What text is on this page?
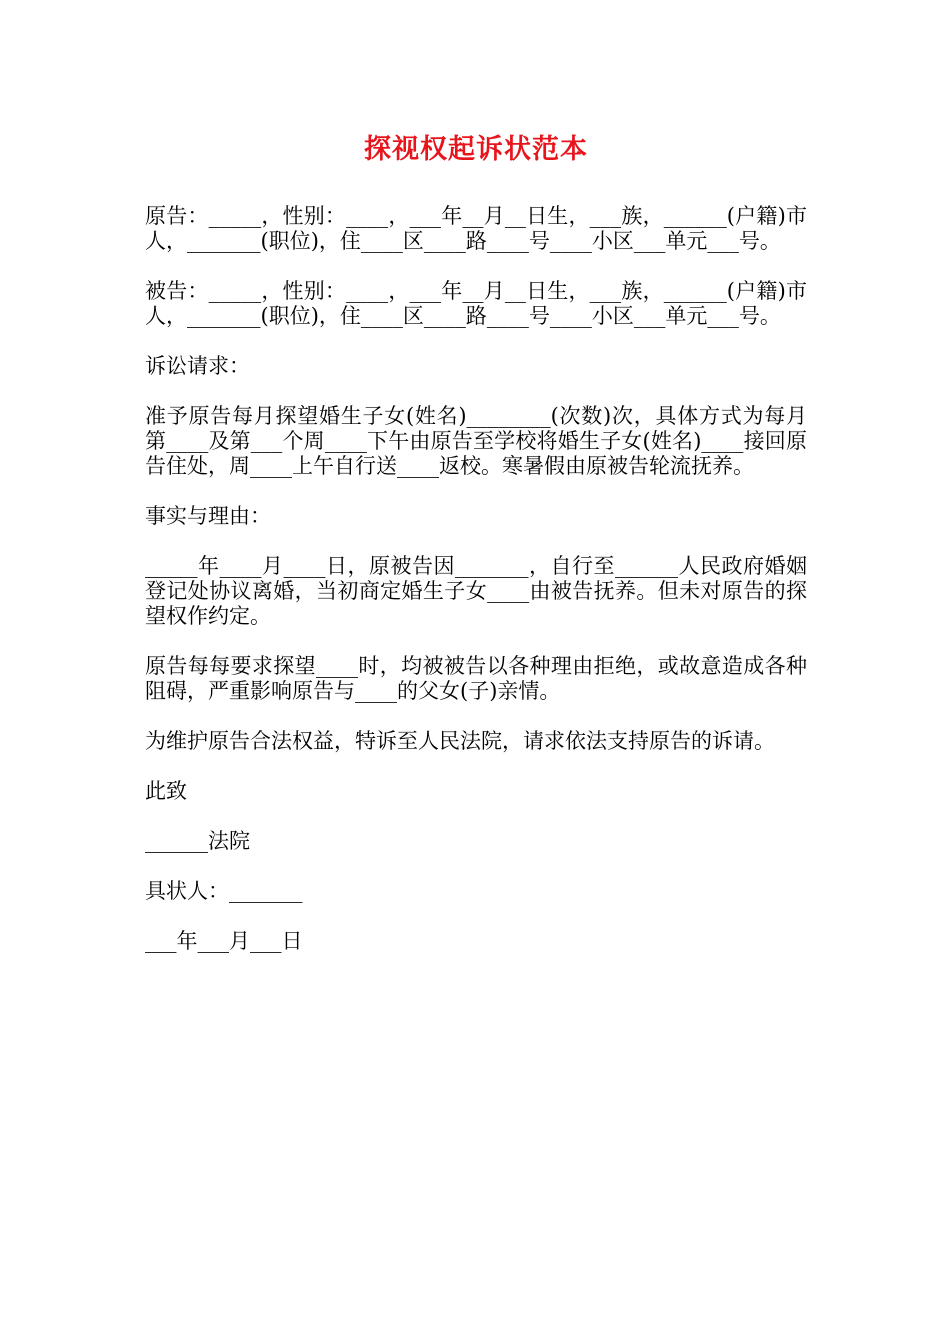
探视权起诉状范本

原告：_____，性别：____，___年__月__日生，___族，______(户籍)市人，_______(职位)，住____区____路____号____小区___单元___号。

被告：_____，性别：____，___年__月__日生，___族，______(户籍)市人，_______(职位)，住____区____路____号____小区___单元___号。

诉讼请求：

准予原告每月探望婚生子女(姓名)________(次数)次，具体方式为每月第____及第___个周____下午由原告至学校将婚生子女(姓名)____接回原告住处，周____上午自行送____返校。寒暑假由原被告轮流抚养。

事实与理由：

_____年____月____日，原被告因_______，自行至______人民政府婚姻登记处协议离婚，当初商定婚生子女____由被告抚养。但未对原告的探望权作约定。

原告每每要求探望____时，均被被告以各种理由拒绝，或故意造成各种阻碍，严重影响原告与____的父女(子)亲情。

为维护原告合法权益，特诉至人民法院，请求依法支持原告的诉请。

此致

______法院

具状人：_______

___年___月___日
